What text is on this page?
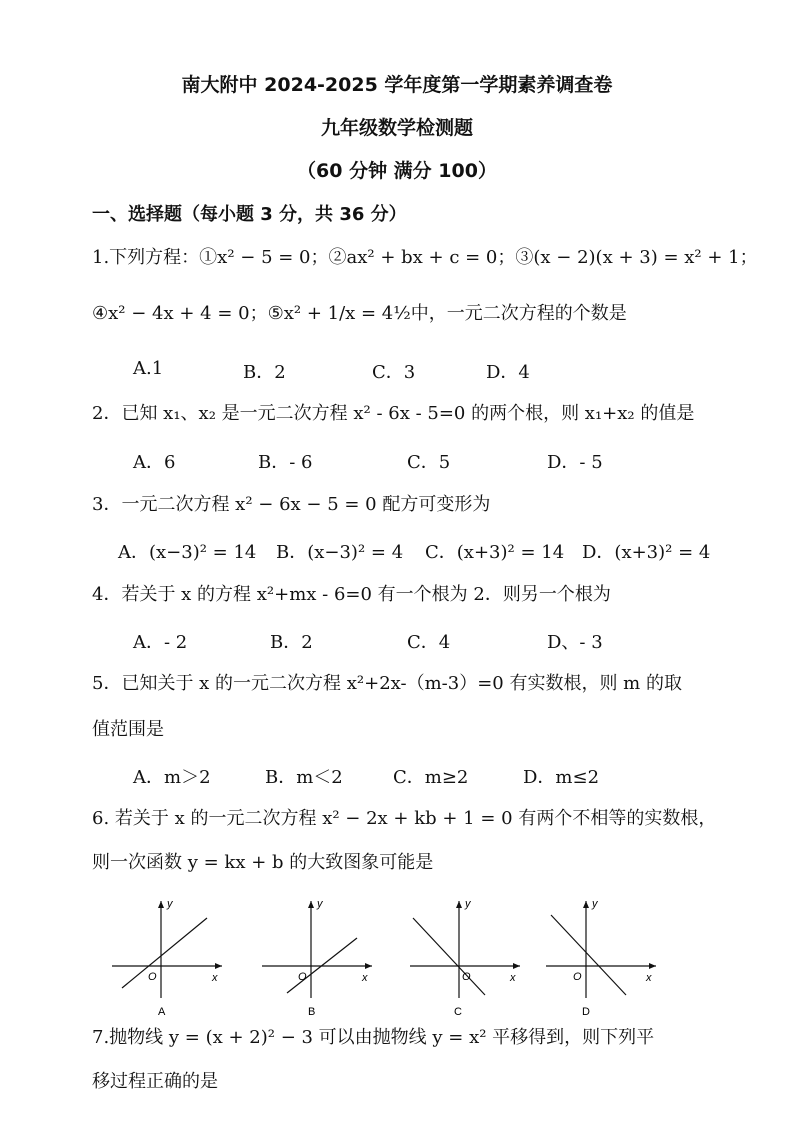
南大附中 2024-2025 学年度第一学期素养调查卷
九年级数学检测题
（60 分钟 满分 100）
一、选择题（每小题 3 分，共 36 分）
1.下列方程：①x² − 5 = 0；②ax² + bx + c = 0；③(x − 2)(x + 3) = x² + 1；
④x² − 4x + 4 = 0；⑤x² + 1/x = 4½中，一元二次方程的个数是
A.1	B．2	C．3	D．4
2．已知 x₁、x₂ 是一元二次方程 x² - 6x - 5=0 的两个根，则 x₁+x₂ 的值是
A．6	B．- 6	C．5	D．- 5
3．一元二次方程 x² − 6x − 5 = 0 配方可变形为
A．(x−3)² = 14 B．(x−3)² = 4 C．(x+3)² = 14 D．(x+3)² = 4
4．若关于 x 的方程 x²+mx - 6=0 有一个根为 2．则另一个根为
A．- 2	B．2	C．4	D、- 3
5．已知关于 x 的一元二次方程 x²+2x-（m-3）=0 有实数根，则 m 的取
值范围是
A．m＞2	B．m＜2	C．m≥2	D．m≤2
6. 若关于 x 的一元二次方程 x² − 2x + kb + 1 = 0 有两个不相等的实数根，
则一次函数 y = kx + b 的大致图象可能是
y
x
O
A
y
x
O
B
y
x
O
C
y
x
O
D
7.抛物线 y = (x + 2)² − 3 可以由抛物线 y = x² 平移得到，则下列平
移过程正确的是
